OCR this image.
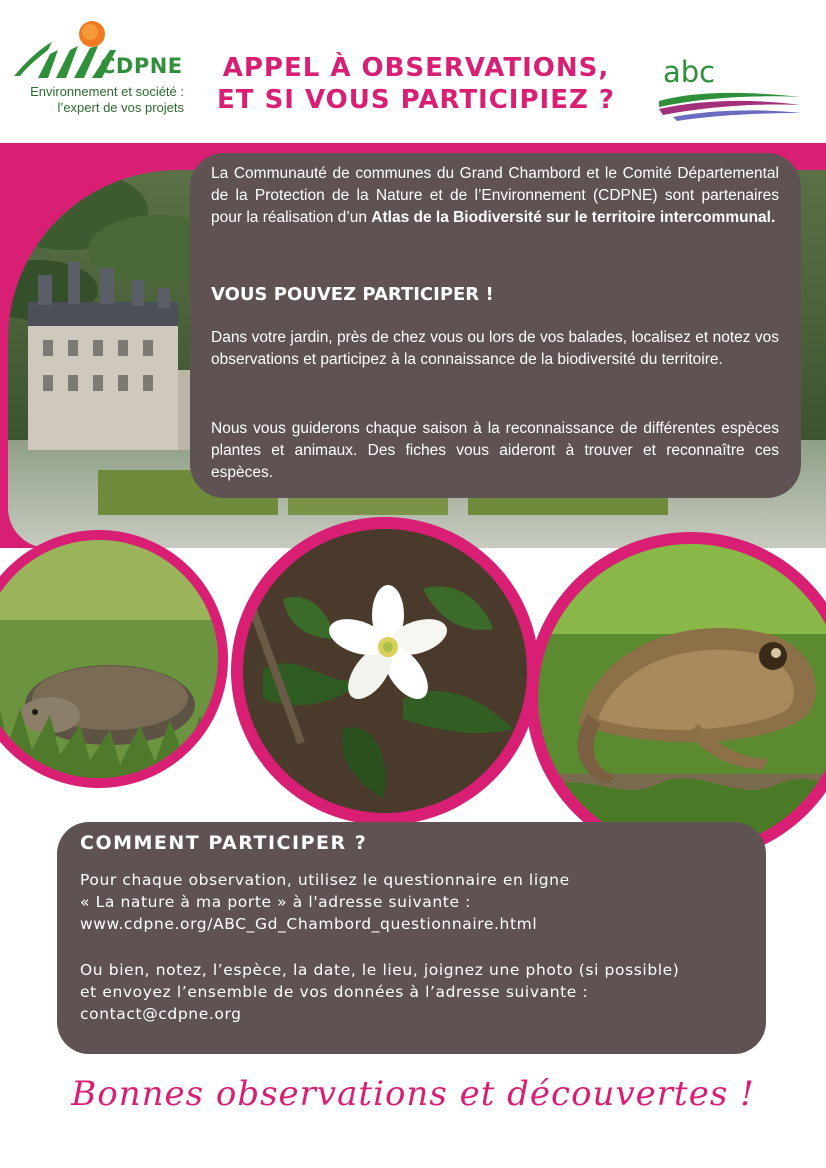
CDPNE
Environnement et société :
l’expert de vos projets
APPEL À OBSERVATIONS,
ET SI VOUS PARTICIPIEZ ?
abc
La Communauté de communes du Grand Chambord et le Comité Départemental de la Protection de la Nature et de l’Environnement (CDPNE) sont partenaires pour la réalisation d’un Atlas de la Biodiversité sur le territoire intercommunal.
VOUS POUVEZ PARTICIPER !
Dans votre jardin, près de chez vous ou lors de vos balades, localisez et notez vos observations et participez à la connaissance de la biodiversité du territoire.
Nous vous guiderons chaque saison à la reconnaissance de différentes espèces plantes et animaux. Des fiches vous aideront à trouver et reconnaître ces espèces.
COMMENT PARTICIPER ?
Pour chaque observation, utilisez le questionnaire en ligne
« La nature à ma porte » à l'adresse suivante :
www.cdpne.org/ABC_Gd_Chambord_questionnaire.html
Ou bien, notez, l’espèce, la date, le lieu, joignez une photo (si possible)
et envoyez l’ensemble de vos données à l’adresse suivante :
contact@cdpne.org
Bonnes observations et découvertes !
